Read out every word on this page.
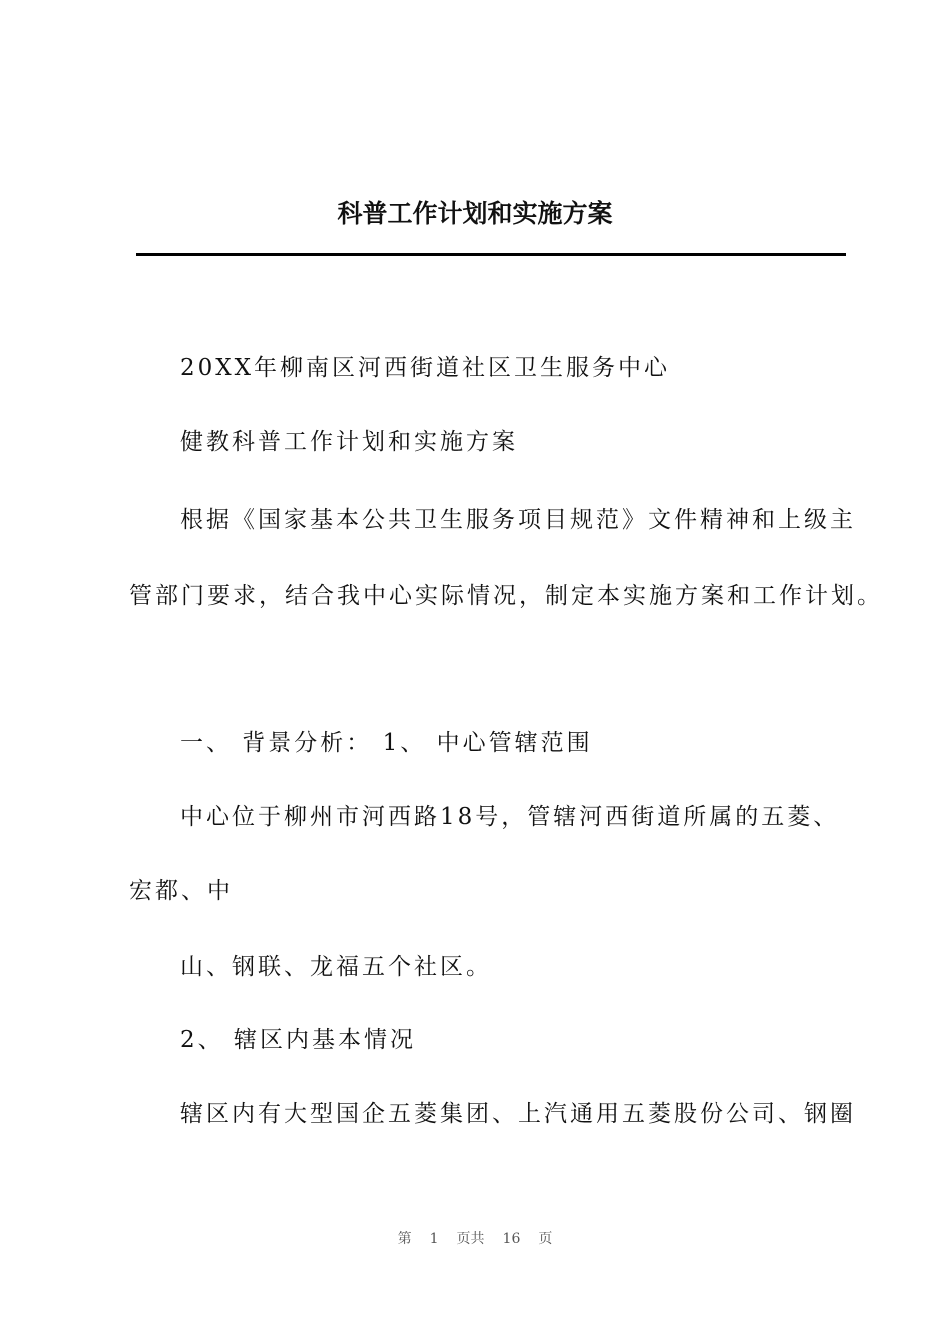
科普工作计划和实施方案

20XX年柳南区河西街道社区卫生服务中心

健教科普工作计划和实施方案

根据《国家基本公共卫生服务项目规范》文件精神和上级主

管部门要求，结合我中心实际情况，制定本实施方案和工作计划。

一、 背景分析： 1、 中心管辖范围

中心位于柳州市河西路18号，管辖河西街道所属的五菱、

宏都、中

山、钢联、龙福五个社区。

2、 辖区内基本情况

辖区内有大型国企五菱集团、上汽通用五菱股份公司、钢圈

第 1 页共 16 页
